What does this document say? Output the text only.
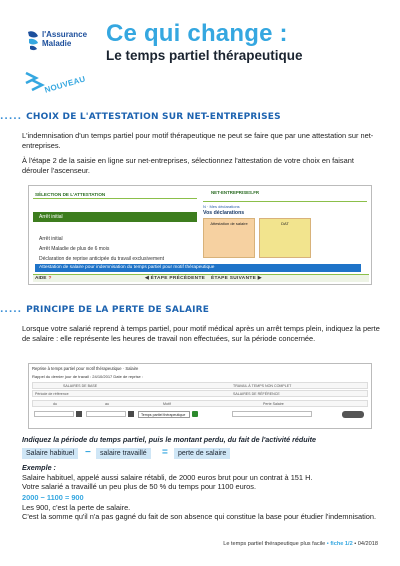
l'Assurance
Maladie	Ce qui change :
Le temps partiel thérapeutique
NOUVEAU
..... CHOIX DE L'ATTESTATION SUR NET-ENTREPRISES
L'indemnisation d'un temps partiel pour motif thérapeutique ne peut se faire que par une attestation sur net-entreprises.
À l'étape 2 de la saisie en ligne sur net-entreprises, sélectionnez l'attestation de votre choix en faisant dérouler l'ascenseur.
SÉLECTION DE L'ATTESTATION
Arrêt initial
Arrêt initial
Arrêt Maladie de plus de 6 mois
Déclaration de reprise anticipée du travail exclusivement
NET-ENTREPRISES.FR
N · Mes déclarations
Vos déclarations
Attestation de salaire	DAT
Attestation de salaire pour indemnisation du temps partiel pour motif thérapeutique
AIDE ?	◀ ÉTAPE PRÉCÉDENTE ÉTAPE SUIVANTE ▶
..... PRINCIPE DE LA PERTE DE SALAIRE
Lorsque votre salarié reprend à temps partiel, pour motif médical après un arrêt temps plein, indiquez la perte de salaire : elle représente les heures de travail non effectuées, sur la période concernée.
Reprise à temps partiel pour motif thérapeutique · Salaire
Rappel du dernier jour de travail : 24/10/2017 Date de reprise :
SALAIRES DE BASE	TRAVAIL À TEMPS NON COMPLET
Période de référence	SALAIRES DE RÉFÉRENCE
du	au	Motif	Perte Salaire
Temps partiel thérapeutique
Indiquez la période du temps partiel, puis le montant perdu, du fait de l'activité réduite
Salaire habituel	−	salaire travaillé	=	perte de salaire
Exemple :
Salaire habituel, appelé aussi salaire rétabli, de 2000 euros brut pour un contrat à 151 H.
Votre salarié a travaillé un peu plus de 50 % du temps pour 1100 euros.
2000 − 1100 = 900
Les 900, c'est la perte de salaire.
C'est la somme qu'il n'a pas gagné du fait de son absence qui constitue la base pour étudier l'indemnisation.
Le temps partiel thérapeutique plus facile • fiche 1/2 • 04/2018
